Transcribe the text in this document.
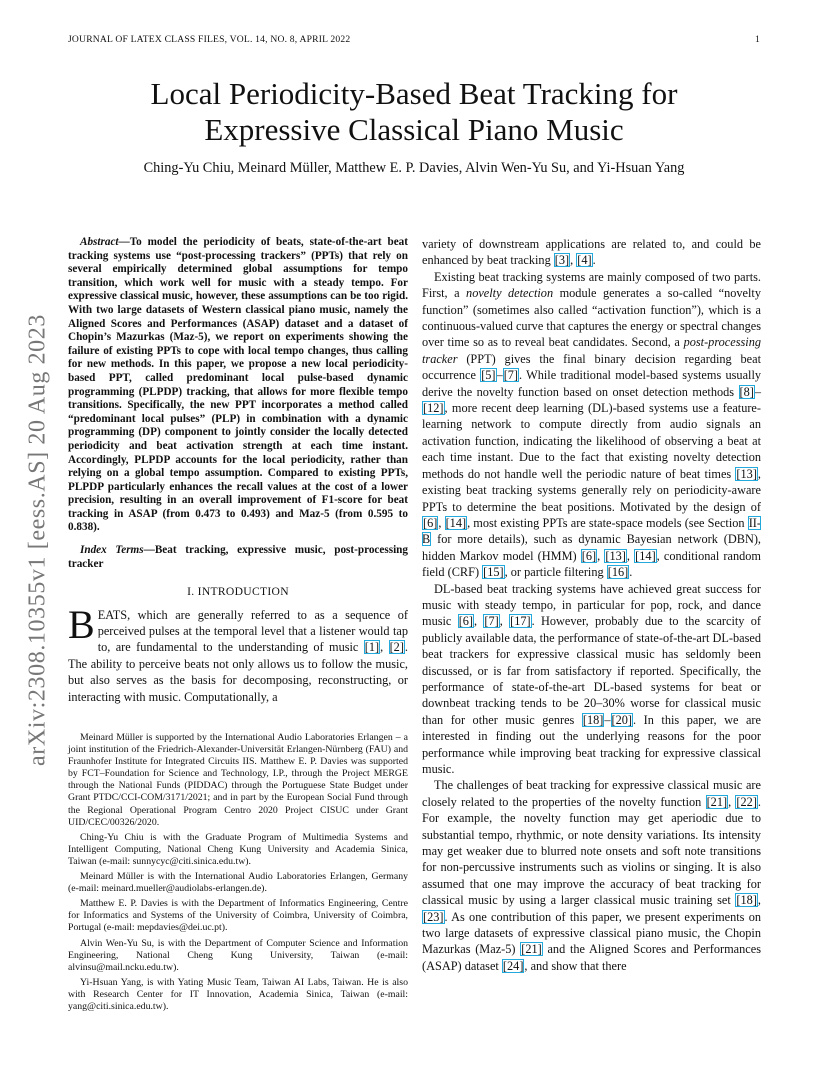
JOURNAL OF LATEX CLASS FILES, VOL. 14, NO. 8, APRIL 2022	1
arXiv:2308.10355v1 [eess.AS] 20 Aug 2023
Local Periodicity-Based Beat Tracking for
Expressive Classical Piano Music
Ching-Yu Chiu, Meinard Müller, Matthew E. P. Davies, Alvin Wen-Yu Su, and Yi-Hsuan Yang

Abstract—To model the periodicity of beats, state-of-the-art beat tracking systems use “post-processing trackers” (PPTs) that rely on several empirically determined global assumptions for tempo transition, which work well for music with a steady tempo. For expressive classical music, however, these assumptions can be too rigid. With two large datasets of Western classical piano music, namely the Aligned Scores and Performances (ASAP) dataset and a dataset of Chopin’s Mazurkas (Maz-5), we report on experiments showing the failure of existing PPTs to cope with local tempo changes, thus calling for new methods. In this paper, we propose a new local periodicity-based PPT, called predominant local pulse-based dynamic programming (PLPDP) tracking, that allows for more flexible tempo transitions. Specifically, the new PPT incorporates a method called “predominant local pulses” (PLP) in combination with a dynamic programming (DP) component to jointly consider the locally detected periodicity and beat activation strength at each time instant. Accordingly, PLPDP accounts for the local periodicity, rather than relying on a global tempo assumption. Compared to existing PPTs, PLPDP particularly enhances the recall values at the cost of a lower precision, resulting in an overall improvement of F1-score for beat tracking in ASAP (from 0.473 to 0.493) and Maz-5 (from 0.595 to 0.838).

Index Terms—Beat tracking, expressive music, post-processing tracker

I. INTRODUCTION

BEATS, which are generally referred to as a sequence of perceived pulses at the temporal level that a listener would tap to, are fundamental to the understanding of music [1], [2]. The ability to perceive beats not only allows us to follow the music, but also serves as the basis for decomposing, reconstructing, or interacting with music. Computationally, a

Meinard Müller is supported by the International Audio Laboratories Erlangen – a joint institution of the Friedrich-Alexander-Universität Erlangen-Nürnberg (FAU) and Fraunhofer Institute for Integrated Circuits IIS. Matthew E. P. Davies was supported by FCT–Foundation for Science and Technology, I.P., through the Project MERGE through the National Funds (PIDDAC) through the Portuguese State Budget under Grant PTDC/CCI-COM/3171/2021; and in part by the European Social Fund through the Regional Operational Program Centro 2020 Project CISUC under Grant UID/CEC/00326/2020.

Ching-Yu Chiu is with the Graduate Program of Multimedia Systems and Intelligent Computing, National Cheng Kung University and Academia Sinica, Taiwan (e-mail: sunnycyc@citi.sinica.edu.tw).

Meinard Müller is with the International Audio Laboratories Erlangen, Germany (e-mail: meinard.mueller@audiolabs-erlangen.de).

Matthew E. P. Davies is with the Department of Informatics Engineering, Centre for Informatics and Systems of the University of Coimbra, University of Coimbra, Portugal (e-mail: mepdavies@dei.uc.pt).

Alvin Wen-Yu Su, is with the Department of Computer Science and Information Engineering, National Cheng Kung University, Taiwan (e-mail: alvinsu@mail.ncku.edu.tw).

Yi-Hsuan Yang, is with Yating Music Team, Taiwan AI Labs, Taiwan. He is also with Research Center for IT Innovation, Academia Sinica, Taiwan (e-mail: yang@citi.sinica.edu.tw).

variety of downstream applications are related to, and could be enhanced by beat tracking [3], [4].

Existing beat tracking systems are mainly composed of two parts. First, a novelty detection module generates a so-called “novelty function” (sometimes also called “activation function”), which is a continuous-valued curve that captures the energy or spectral changes over time so as to reveal beat candidates. Second, a post-processing tracker (PPT) gives the final binary decision regarding beat occurrence [5]–[7]. While traditional model-based systems usually derive the novelty function based on onset detection methods [8]–[12], more recent deep learning (DL)-based systems use a feature-learning network to compute directly from audio signals an activation function, indicating the likelihood of observing a beat at each time instant. Due to the fact that existing novelty detection methods do not handle well the periodic nature of beat times [13], existing beat tracking systems generally rely on periodicity-aware PPTs to determine the beat positions. Motivated by the design of [6], [14], most existing PPTs are state-space models (see Section II-B for more details), such as dynamic Bayesian network (DBN), hidden Markov model (HMM) [6], [13], [14], conditional random field (CRF) [15], or particle filtering [16].

DL-based beat tracking systems have achieved great success for music with steady tempo, in particular for pop, rock, and dance music [6], [7], [17]. However, probably due to the scarcity of publicly available data, the performance of state-of-the-art DL-based beat trackers for expressive classical music has seldomly been discussed, or is far from satisfactory if reported. Specifically, the performance of state-of-the-art DL-based systems for beat or downbeat tracking tends to be 20–30% worse for classical music than for other music genres [18]–[20]. In this paper, we are interested in finding out the underlying reasons for the poor performance while improving beat tracking for expressive classical music.

The challenges of beat tracking for expressive classical music are closely related to the properties of the novelty function [21], [22]. For example, the novelty function may get aperiodic due to substantial tempo, rhythmic, or note density variations. Its intensity may get weaker due to blurred note onsets and soft note transitions for non-percussive instruments such as violins or singing. It is also assumed that one may improve the accuracy of beat tracking for classical music by using a larger classical music training set [18], [23]. As one contribution of this paper, we present experiments on two large datasets of expressive classical piano music, the Chopin Mazurkas (Maz-5) [21] and the Aligned Scores and Performances (ASAP) dataset [24], and show that there
